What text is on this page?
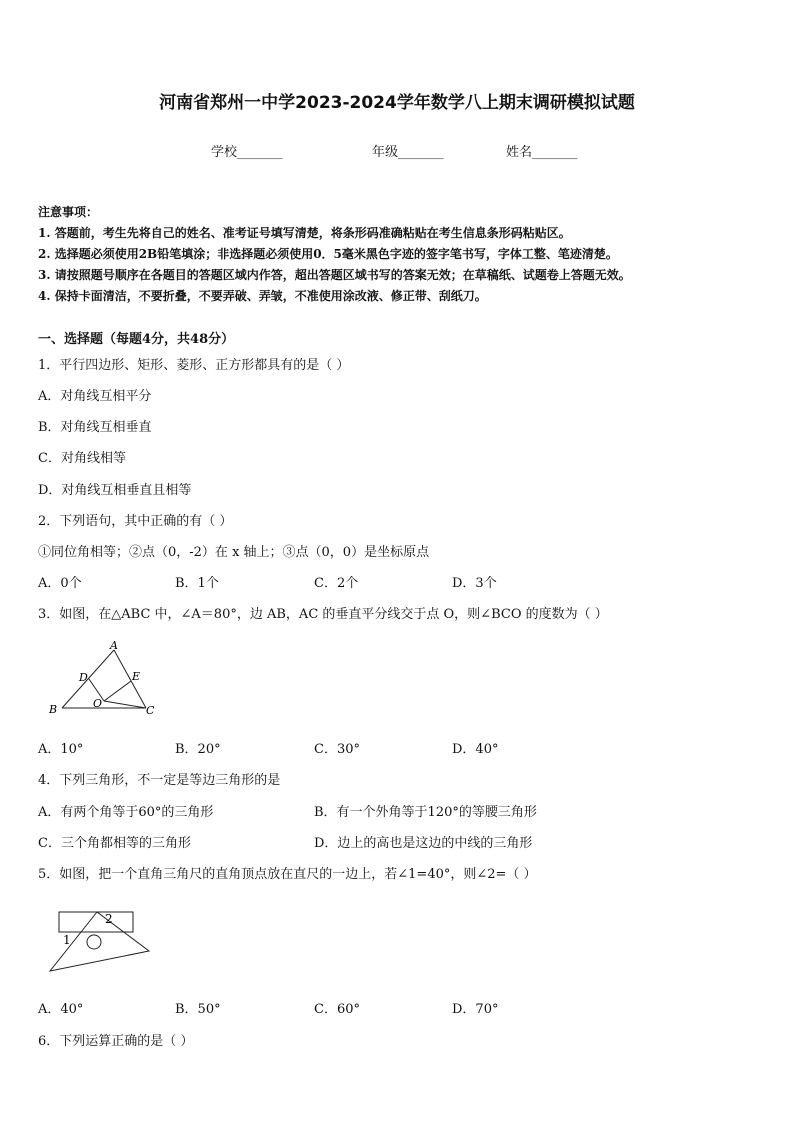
河南省郑州一中学2023-2024学年数学八上期末调研模拟试题
学校_______	年级_______	姓名_______
注意事项：
1. 答题前，考生先将自己的姓名、准考证号填写清楚，将条形码准确粘贴在考生信息条形码粘贴区。
2. 选择题必须使用2B铅笔填涂；非选择题必须使用0．5毫米黑色字迹的签字笔书写，字体工整、笔迹清楚。
3. 请按照题号顺序在各题目的答题区域内作答，超出答题区域书写的答案无效；在草稿纸、试题卷上答题无效。
4. 保持卡面清洁，不要折叠，不要弄破、弄皱，不准使用涂改液、修正带、刮纸刀。
一、选择题（每题4分，共48分）
1．平行四边形、矩形、菱形、正方形都具有的是（ ）
A．对角线互相平分
B．对角线互相垂直
C．对角线相等
D．对角线互相垂直且相等
2．下列语句，其中正确的有（ ）
①同位角相等；②点（0，-2）在 x 轴上；③点（0，0）是坐标原点
A．0个	B．1个	C．2个	D．3个
3．如图，在△ABC 中，∠A＝80°，边 AB，AC 的垂直平分线交于点 O，则∠BCO 的度数为（ ）
A
B	C
D	E
O
A．10°	B．20°	C．30°	D．40°
4．下列三角形，不一定是等边三角形的是
A．有两个角等于60°的三角形	B．有一个外角等于120°的等腰三角形
C．三个角都相等的三角形	D．边上的高也是这边的中线的三角形
5．如图，把一个直角三角尺的直角顶点放在直尺的一边上，若∠1=40°，则∠2=（ ）
2
1
A．40°	B．50°	C．60°	D．70°
6．下列运算正确的是（ ）
